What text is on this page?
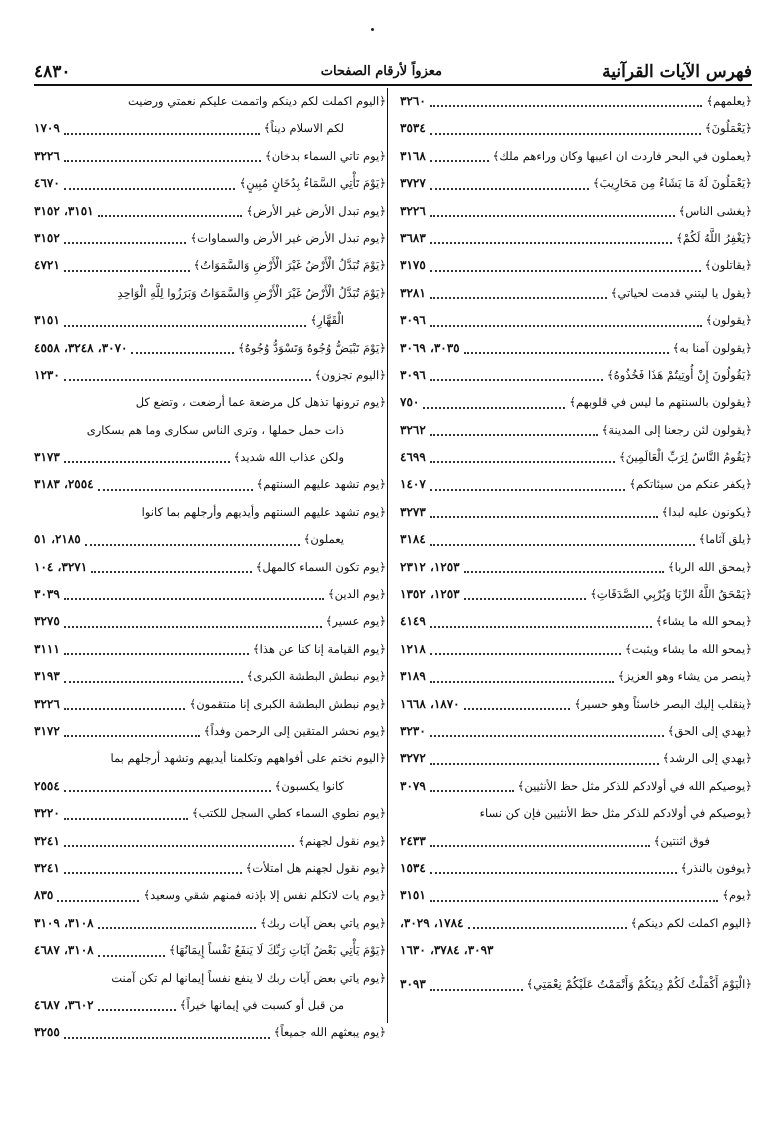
فهرس الآيات القرآنية
معزواً لأرقام الصفحات
٤٨٣٠
﴿يعلمهم﴾
٣٢٦٠
﴿يَعْمَلُونَ﴾
٣٥٣٤
﴿يعملون في البحر فاردت ان اعيبها وكان وراءهم ملك﴾
٣١٦٨
﴿يَعْمَلُونَ لَهُ مَا يَشَاءُ مِن مَحَارِيبَ﴾
٣٧٢٧
﴿يغشى الناس﴾
٣٢٢٦
﴿يَغْفِرُ اللَّهُ لَكُمْ﴾
٣٦٨٣
﴿يقاتلون﴾
٣١٧٥
﴿يقول يا ليتني قدمت لحياتي﴾
٣٢٨١
﴿يقولون﴾
٣٠٩٦
﴿يقولون آمنا به﴾
٣٠٣٥، ٣٠٦٩
﴿يَقُولُونَ إِنْ أُوتِيتُمْ هَذَا فَخُذُوهُ﴾
٣٠٩٦
﴿يقولون بالسنتهم ما ليس في قلوبهم﴾
٧٥٠
﴿يقولون لئن رجعنا إلى المدينة﴾
٣٢٦٢
﴿يَقُومُ النَّاسُ لِرَبِّ الْعَالَمِينَ﴾
٤٦٩٩
﴿يكفر عنكم من سيئاتكم﴾
١٤٠٧
﴿يكونون عليه لبدا﴾
٣٢٧٣
﴿يلق آثاما﴾
٣١٨٤
﴿يمحق الله الربا﴾
١٢٥٣، ٢٣١٢
﴿يَمْحَقُ اللَّهُ الرِّبَا وَيُرْبِي الصَّدَقَاتِ﴾
١٢٥٣، ١٣٥٢
﴿يمحو الله ما يشاء﴾
٤١٤٩
﴿يمحو الله ما يشاء ويثبت﴾
١٢١٨
﴿ينصر من يشاء وهو العزيز﴾
٣١٨٩
﴿ينقلب إليك البصر خاسئاً وهو حسير﴾
١٨٧٠، ١٦٦٨
﴿يهدي إلى الحق﴾
٣٢٣٠
﴿يهدي إلى الرشد﴾
٣٢٧٢
﴿يوصيكم الله في أولادكم للذكر مثل حظ الأنثيين﴾
٣٠٧٩
﴿يوصيكم في أولادكم للذكر مثل حظ الأنثيين فإن كن نساء
فوق اثنتين﴾
٢٤٣٣
﴿يوفون بالنذر﴾
١٥٣٤
﴿يوم﴾
٣١٥١
﴿اليوم اكملت لكم دينكم﴾
١٧٨٤، ٣٠٢٩،
٣٠٩٣، ٣٧٨٤، ١٦٣٠
﴿الْيَوْمَ أَكْمَلْتُ لَكُمْ دِينَكُمْ وَأَتْمَمْتُ عَلَيْكُمْ نِعْمَتِي﴾
٣٠٩٣
﴿اليوم اكملت لكم دينكم واتممت عليكم نعمتي ورضيت
لكم الاسلام ديناً﴾
١٧٠٩
﴿يوم تاتي السماء بدخان﴾
٣٢٢٦
﴿يَوْمَ تَأْتِي السَّمَاءُ بِدُخَانٍ مُبِينٍ﴾
٤٦٧٠
﴿يوم تبدل الأرض غير الأرض﴾
٣١٥١، ٣١٥٢
﴿يوم تبدل الأرض غير الأرض والسماوات﴾
٣١٥٢
﴿يَوْمَ تُبَدَّلُ الْأَرْضُ غَيْرَ الْأَرْضِ وَالسَّمَوَاتُ﴾
٤٧٢١
﴿يَوْمَ تُبَدَّلُ الْأَرْضُ غَيْرَ الْأَرْضِ وَالسَّمَوَاتُ وَبَرَزُوا لِلَّهِ الْوَاحِدِ
الْقَهَّارِ﴾
٣١٥١
﴿يَوْمَ تَبْيَضُّ وُجُوهٌ وَتَسْوَدُّ وُجُوهٌ﴾
٣٠٧٠، ٣٢٤٨، ٤٥٥٨
﴿اليوم تجزون﴾
١٢٣٠
﴿يوم ترونها تذهل كل مرضعة عما أرضعت ، وتضع كل
ذات حمل حملها ، وترى الناس سكارى وما هم بسكارى
ولكن عذاب الله شديد﴾
٣١٧٣
﴿يوم تشهد عليهم السنتهم﴾
٢٥٥٤، ٣١٨٣
﴿يوم تشهد عليهم السنتهم وأيديهم وأرجلهم بما كانوا
يعملون﴾
٢١٨٥، ٥١
﴿يوم تكون السماء كالمهل﴾
٣٢٧١، ١٠٤
﴿يوم الدين﴾
٣٠٣٩
﴿يوم عسير﴾
٣٢٧٥
﴿يوم القيامة إنا كنا عن هذا﴾
٣١١١
﴿يوم نبطش البطشة الكبرى﴾
٣١٩٣
﴿يوم نبطش البطشة الكبرى إنا منتقمون﴾
٣٢٢٦
﴿يوم نحشر المتقين إلى الرحمن وفداً﴾
٣١٧٢
﴿اليوم نختم على أفواههم وتكلمنا أيديهم وتشهد أرجلهم بما
كانوا يكسبون﴾
٢٥٥٤
﴿يوم نطوي السماء كطي السجل للكتب﴾
٣٢٢٠
﴿يوم نقول لجهنم﴾
٣٢٤١
﴿يوم نقول لجهنم هل امتلأت﴾
٣٢٤١
﴿يوم يات لاتكلم نفس إلا بإذنه فمنهم شقي وسعيد﴾
٨٣٥
﴿يوم ياتي بعض آيات ربك﴾
٣١٠٨، ٣١٠٩
﴿يَوْمَ يَأْتِي بَعْضُ آيَاتِ رَبِّكَ لَا يَنفَعُ نَفْساً إِيمَانُهَا﴾
٣١٠٨، ٤٦٨٧
﴿يوم ياتي بعض آيات ربك لا ينفع نفساً إيمانها لم تكن آمنت
من قبل أو كسبت في إيمانها خيراً﴾
٣٦٠٢، ٤٦٨٧
﴿يوم يبعثهم الله جميعاً﴾
٣٢٥٥
